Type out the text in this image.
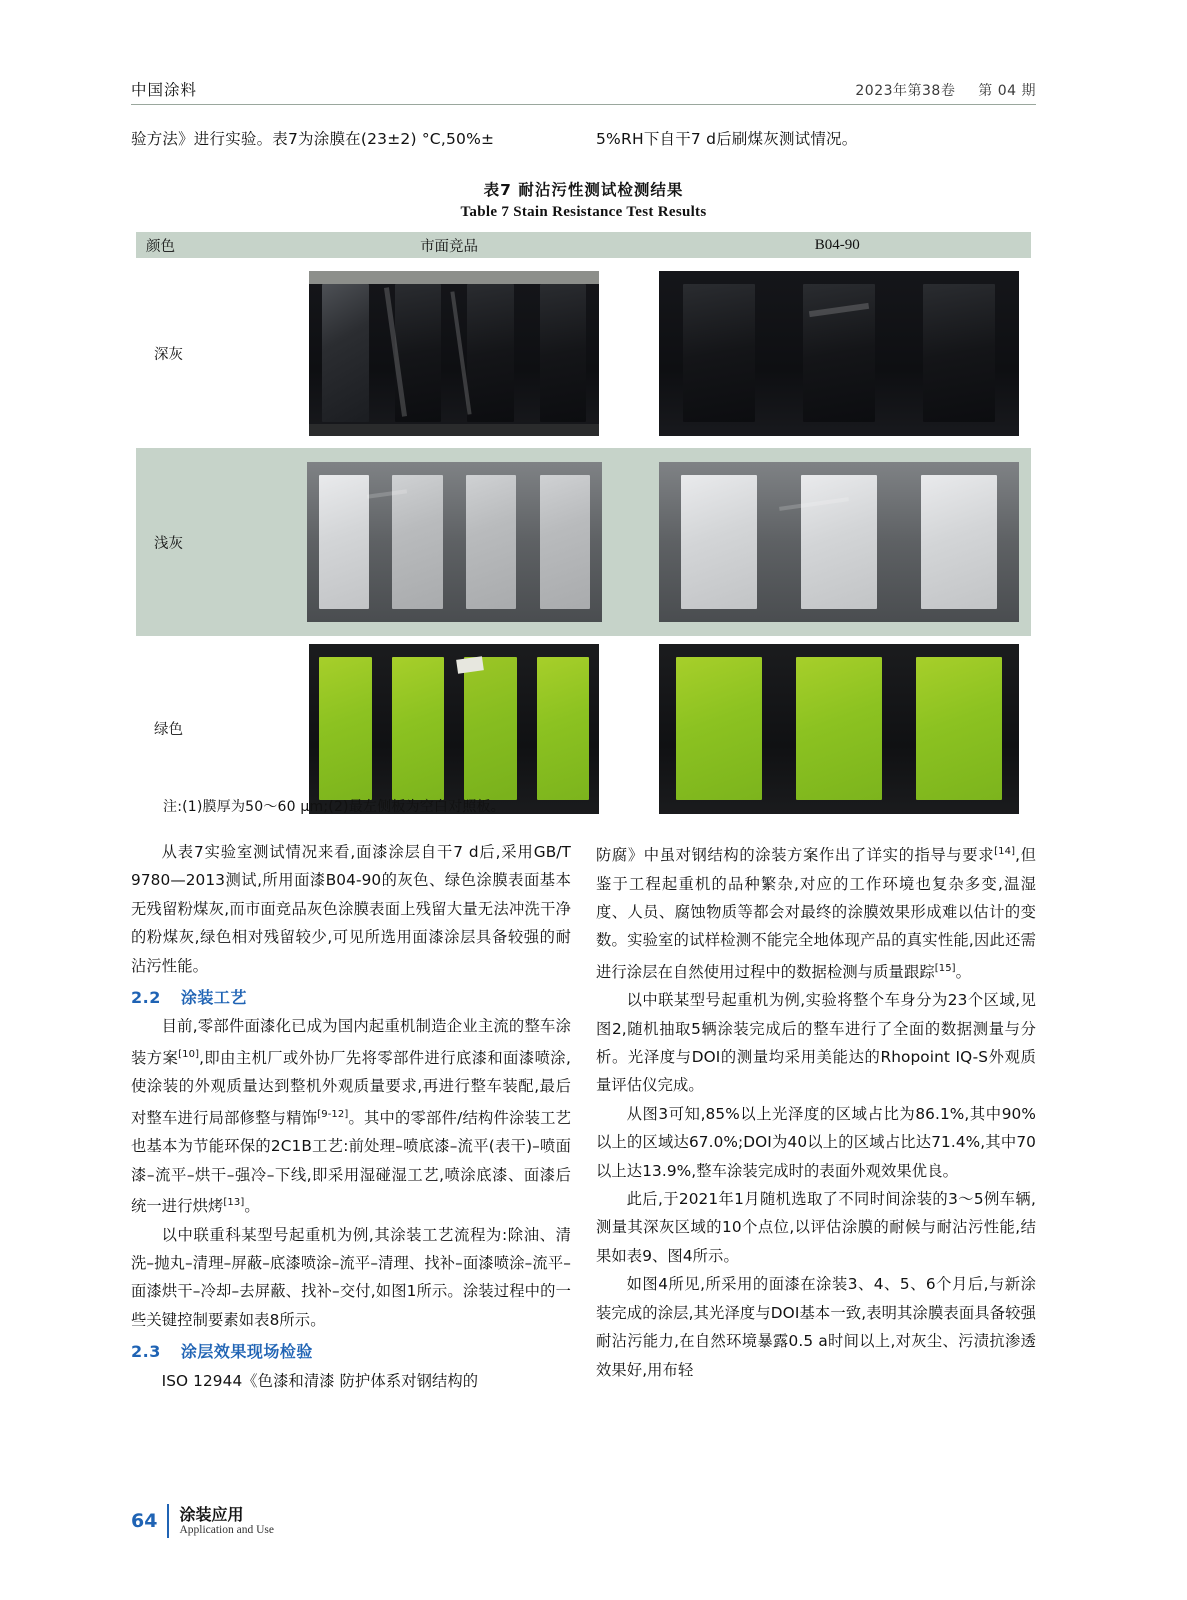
中国涂料	2023年第38卷 第 04 期
验方法》进行实验。表7为涂膜在(23±2) °C,50%±	5%RH下自干7 d后刷煤灰测试情况。
表7 耐沾污性测试检测结果
Table 7 Stain Resistance Test Results
颜色	市面竞品	B04-90
深灰
浅灰
绿色
注:(1)膜厚为50～60 μm;(2)最左侧板为空白对照板。

从表7实验室测试情况来看,面漆涂层自干7 d后,采用GB/T 9780—2013测试,所用面漆B04-90的灰色、绿色涂膜表面基本无残留粉煤灰,而市面竞品灰色涂膜表面上残留大量无法冲洗干净的粉煤灰,绿色相对残留较少,可见所选用面漆涂层具备较强的耐沾污性能。

2.2 涂装工艺

目前,零部件面漆化已成为国内起重机制造企业主流的整车涂装方案[10],即由主机厂或外协厂先将零部件进行底漆和面漆喷涂,使涂装的外观质量达到整机外观质量要求,再进行整车装配,最后对整车进行局部修整与精饰[9-12]。其中的零部件/结构件涂装工艺也基本为节能环保的2C1B工艺:前处理–喷底漆–流平(表干)–喷面漆–流平–烘干–强冷–下线,即采用湿碰湿工艺,喷涂底漆、面漆后统一进行烘烤[13]。

以中联重科某型号起重机为例,其涂装工艺流程为:除油、清洗–抛丸–清理–屏蔽–底漆喷涂–流平–清理、找补–面漆喷涂–流平–面漆烘干–冷却–去屏蔽、找补–交付,如图1所示。涂装过程中的一些关键控制要素如表8所示。

2.3 涂层效果现场检验

ISO 12944《色漆和清漆 防护体系对钢结构的

防腐》中虽对钢结构的涂装方案作出了详实的指导与要求[14],但鉴于工程起重机的品种繁杂,对应的工作环境也复杂多变,温湿度、人员、腐蚀物质等都会对最终的涂膜效果形成难以估计的变数。实验室的试样检测不能完全地体现产品的真实性能,因此还需进行涂层在自然使用过程中的数据检测与质量跟踪[15]。

以中联某型号起重机为例,实验将整个车身分为23个区域,见图2,随机抽取5辆涂装完成后的整车进行了全面的数据测量与分析。光泽度与DOI的测量均采用美能达的Rhopoint IQ-S外观质量评估仪完成。

从图3可知,85%以上光泽度的区域占比为86.1%,其中90%以上的区域达67.0%;DOI为40以上的区域占比达71.4%,其中70以上达13.9%,整车涂装完成时的表面外观效果优良。

此后,于2021年1月随机选取了不同时间涂装的3～5例车辆,测量其深灰区域的10个点位,以评估涂膜的耐候与耐沾污性能,结果如表9、图4所示。

如图4所见,所采用的面漆在涂装3、4、5、6个月后,与新涂装完成的涂层,其光泽度与DOI基本一致,表明其涂膜表面具备较强耐沾污能力,在自然环境暴露0.5 a时间以上,对灰尘、污渍抗渗透效果好,用布轻

64 涂装应用
Application and Use
